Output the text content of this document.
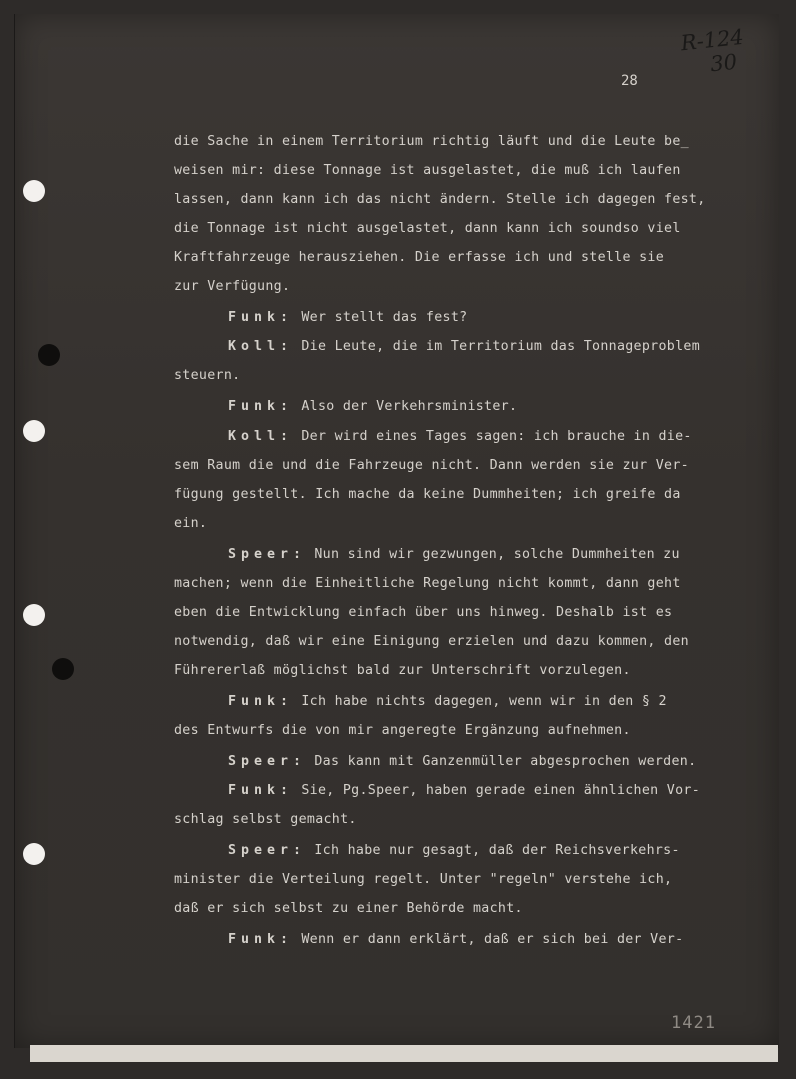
R-124
30
28
die Sache in einem Territorium richtig läuft und die Leute be_
weisen mir: diese Tonnage ist ausgelastet, die muß ich laufen
lassen, dann kann ich das nicht ändern. Stelle ich dagegen fest,
die Tonnage ist nicht ausgelastet, dann kann ich soundso viel
Kraftfahrzeuge herausziehen. Die erfasse ich und stelle sie
zur Verfügung.
Funk: Wer stellt das fest?
Koll: Die Leute, die im Territorium das Tonnageproblem
steuern.
Funk: Also der Verkehrsminister.
Koll: Der wird eines Tages sagen: ich brauche in die-
sem Raum die und die Fahrzeuge nicht. Dann werden sie zur Ver-
fügung gestellt. Ich mache da keine Dummheiten; ich greife da
ein.
Speer: Nun sind wir gezwungen, solche Dummheiten zu
machen; wenn die Einheitliche Regelung nicht kommt, dann geht
eben die Entwicklung einfach über uns hinweg. Deshalb ist es
notwendig, daß wir eine Einigung erzielen und dazu kommen, den
Führererlaß möglichst bald zur Unterschrift vorzulegen.
Funk: Ich habe nichts dagegen, wenn wir in den § 2
des Entwurfs die von mir angeregte Ergänzung aufnehmen.
Speer: Das kann mit Ganzenmüller abgesprochen werden.
Funk: Sie, Pg.Speer, haben gerade einen ähnlichen Vor-
schlag selbst gemacht.
Speer: Ich habe nur gesagt, daß der Reichsverkehrs-
minister die Verteilung regelt. Unter "regeln" verstehe ich,
daß er sich selbst zu einer Behörde macht.
Funk: Wenn er dann erklärt, daß er sich bei der Ver-
1421
